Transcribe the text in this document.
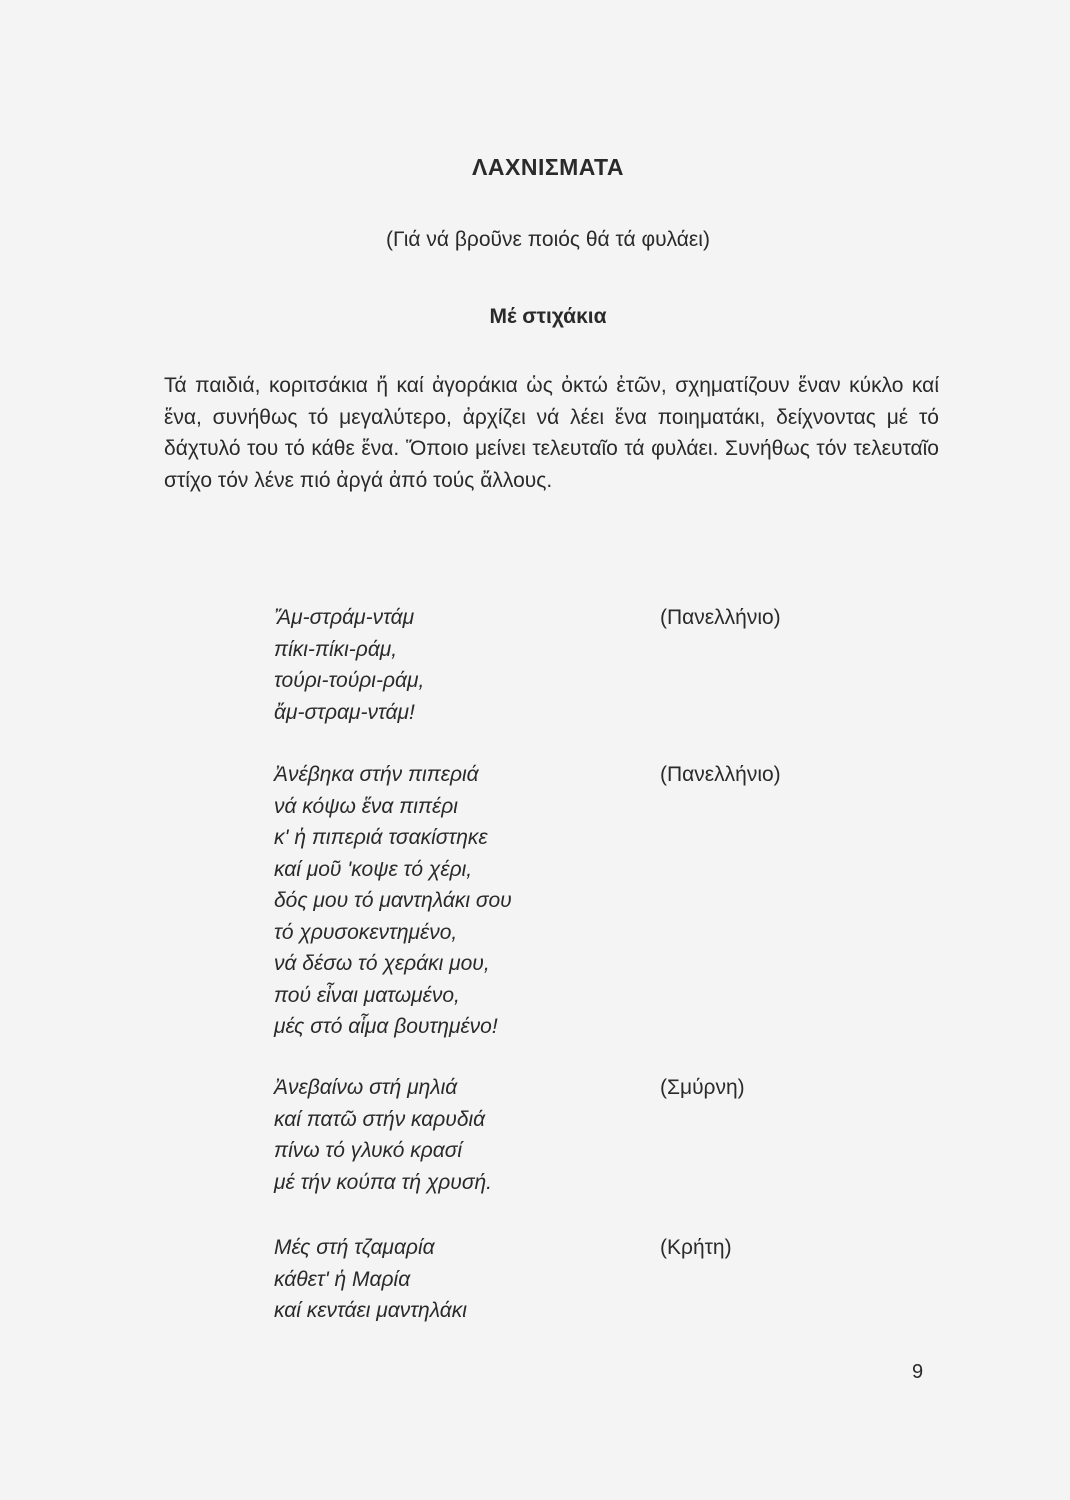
ΛΑΧΝΙΣΜΑΤΑ
(Γιά νά βροῦνε ποιός θά τά φυλάει)
Μέ στιχάκια

Τά παιδιά, κοριτσάκια ἤ καί ἀγοράκια ὡς ὀκτώ ἐτῶν, σχηματίζουν ἕναν κύκλο καί ἕνα, συνήθως τό μεγαλύτερο, ἀρχίζει νά λέει ἕνα ποιηματάκι, δείχνοντας μέ τό δάχτυλό του τό κάθε ἕνα. Ὅποιο μείνει τελευταῖο τά φυλάει. Συνήθως τόν τελευταῖο στίχο τόν λένε πιό ἀργά ἀπό τούς ἄλλους.

Ἄμ-στράμ-ντάμ
πίκι-πίκι-ράμ,
τούρι-τούρι-ράμ,
ἄμ-στραμ-ντάμ!
(Πανελλήνιο)
Ἀνέβηκα στήν πιπεριά
νά κόψω ἕνα πιπέρι
κ' ἡ πιπεριά τσακίστηκε
καί μοῦ 'κοψε τό χέρι,
δός μου τό μαντηλάκι σου
τό χρυσοκεντημένο,
νά δέσω τό χεράκι μου,
πού εἶναι ματωμένο,
μές στό αἷμα βουτημένο!
(Πανελλήνιο)
Ἀνεβαίνω στή μηλιά
καί πατῶ στήν καρυδιά
πίνω τό γλυκό κρασί
μέ τήν κούπα τή χρυσή.
(Σμύρνη)
Μές στή τζαμαρία
κάθετ' ἡ Μαρία
καί κεντάει μαντηλάκι
(Κρήτη)
9
